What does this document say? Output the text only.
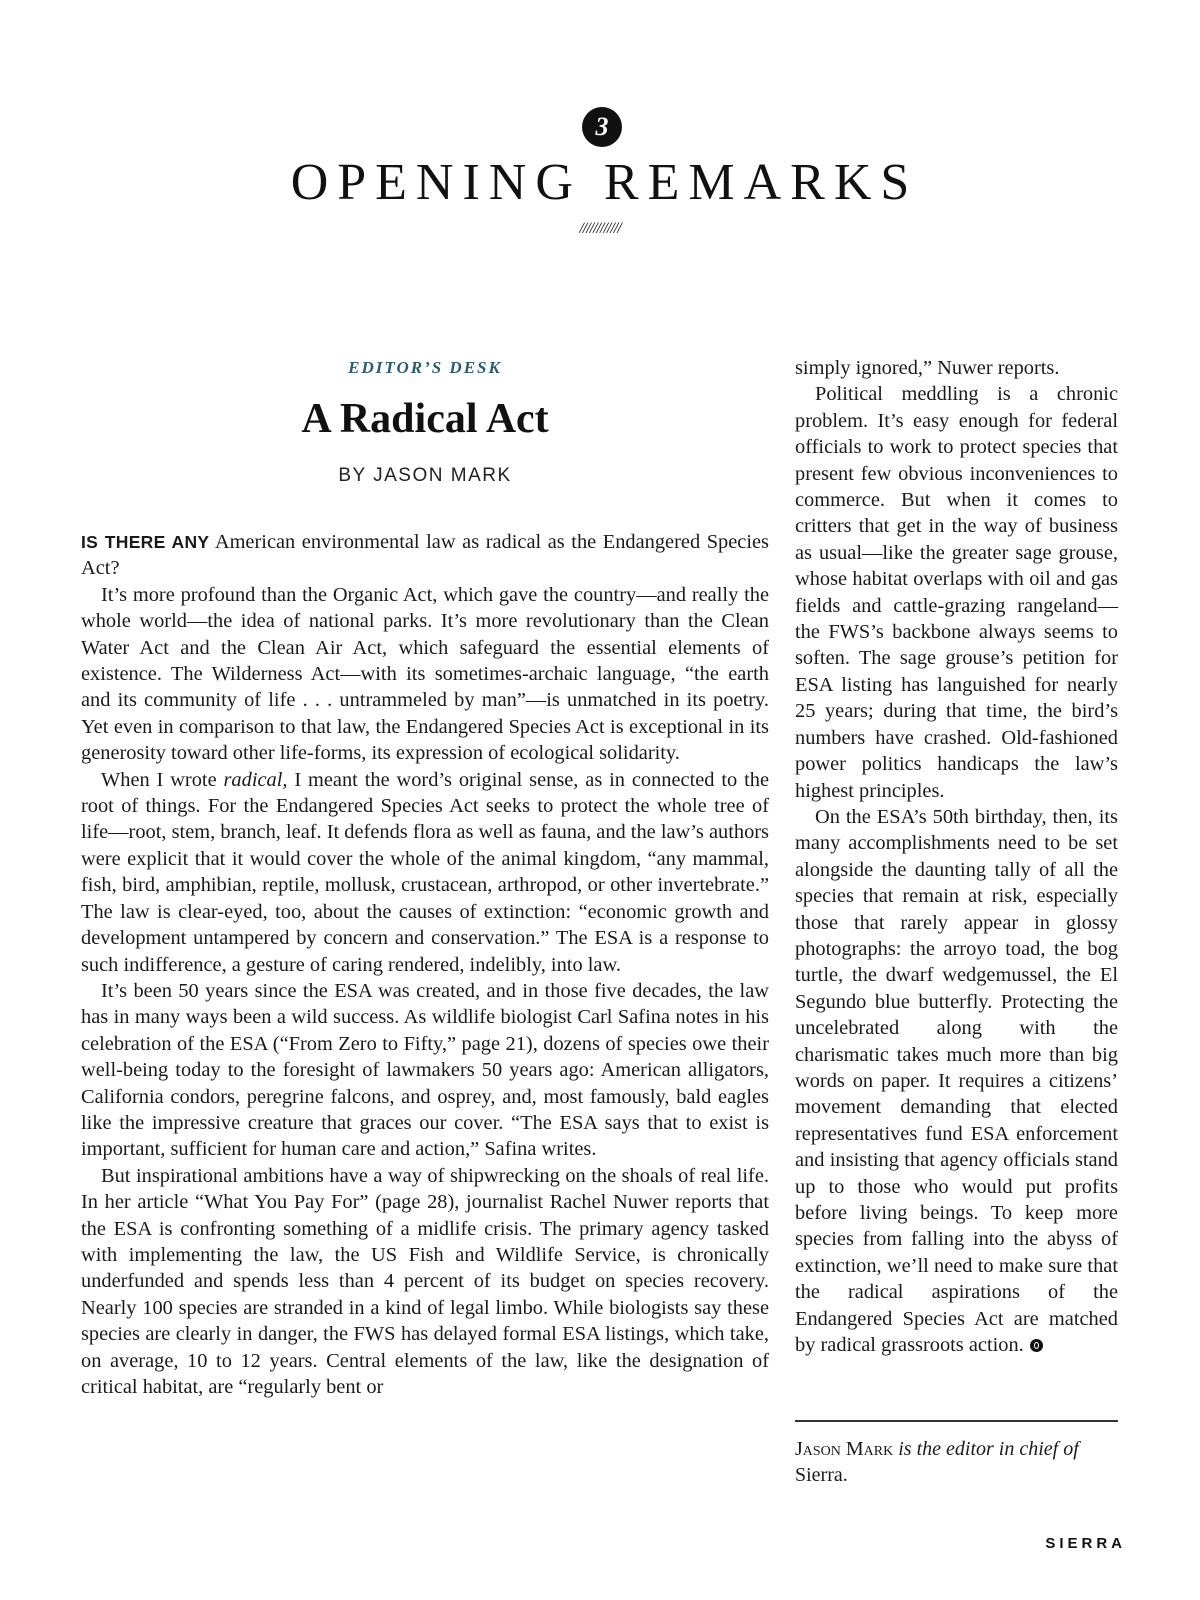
3
OPENING REMARKS
////////////
EDITOR’S DESK
A Radical Act
BY JASON MARK

IS THERE ANY American environmental law as radical as the Endangered Species Act?

It’s more profound than the Organic Act, which gave the country—and really the whole world—the idea of national parks. It’s more revolutionary than the Clean Water Act and the Clean Air Act, which safeguard the essential elements of existence. The Wilderness Act—with its sometimes-archaic language, “the earth and its community of life . . . untrammeled by man”—is unmatched in its poetry. Yet even in comparison to that law, the Endangered Species Act is exceptional in its generosity toward other life-forms, its expression of ecological solidarity.

When I wrote radical, I meant the word’s original sense, as in connected to the root of things. For the Endangered Species Act seeks to protect the whole tree of life—root, stem, branch, leaf. It defends flora as well as fauna, and the law’s authors were explicit that it would cover the whole of the animal kingdom, “any mammal, fish, bird, amphibian, reptile, mollusk, crustacean, arthropod, or other invertebrate.” The law is clear-eyed, too, about the causes of extinction: “economic growth and development untampered by concern and conservation.” The ESA is a response to such indifference, a gesture of caring rendered, indelibly, into law.

It’s been 50 years since the ESA was created, and in those five decades, the law has in many ways been a wild success. As wildlife biologist Carl Safina notes in his celebration of the ESA (“From Zero to Fifty,” page 21), dozens of species owe their well-being today to the foresight of lawmakers 50 years ago: American alligators, California condors, peregrine falcons, and osprey, and, most famously, bald eagles like the impressive creature that graces our cover. “The ESA says that to exist is important, sufficient for human care and action,” Safina writes.

But inspirational ambitions have a way of shipwrecking on the shoals of real life. In her article “What You Pay For” (page 28), journalist Rachel Nuwer reports that the ESA is confronting something of a midlife crisis. The primary agency tasked with implementing the law, the US Fish and Wildlife Service, is chronically underfunded and spends less than 4 percent of its budget on species recovery. Nearly 100 species are stranded in a kind of legal limbo. While biologists say these species are clearly in danger, the FWS has delayed formal ESA listings, which take, on average, 10 to 12 years. Central elements of the law, like the designation of critical habitat, are “regularly bent or

simply ignored,” Nuwer reports.

Political meddling is a chronic problem. It’s easy enough for federal officials to work to protect species that present few obvious inconveniences to commerce. But when it comes to critters that get in the way of business as usual—like the greater sage grouse, whose habitat overlaps with oil and gas fields and cattle-grazing rangeland—the FWS’s backbone always seems to soften. The sage grouse’s petition for ESA listing has languished for nearly 25 years; during that time, the bird’s numbers have crashed. Old-fashioned power politics handicaps the law’s highest principles.

On the ESA’s 50th birthday, then, its many accomplishments need to be set alongside the daunting tally of all the species that remain at risk, especially those that rarely appear in glossy photographs: the arroyo toad, the bog turtle, the dwarf wedgemussel, the El Segundo blue butterfly. Protecting the uncelebrated along with the charismatic takes much more than big words on paper. It requires a citizens’ movement demanding that elected representatives fund ESA enforcement and insisting that agency officials stand up to those who would put profits before living beings. To keep more species from falling into the abyss of extinction, we’ll need to make sure that the radical aspirations of the Endangered Species Act are matched by radical grassroots action.

Jason Mark is the editor in chief of Sierra.
SIERRA
